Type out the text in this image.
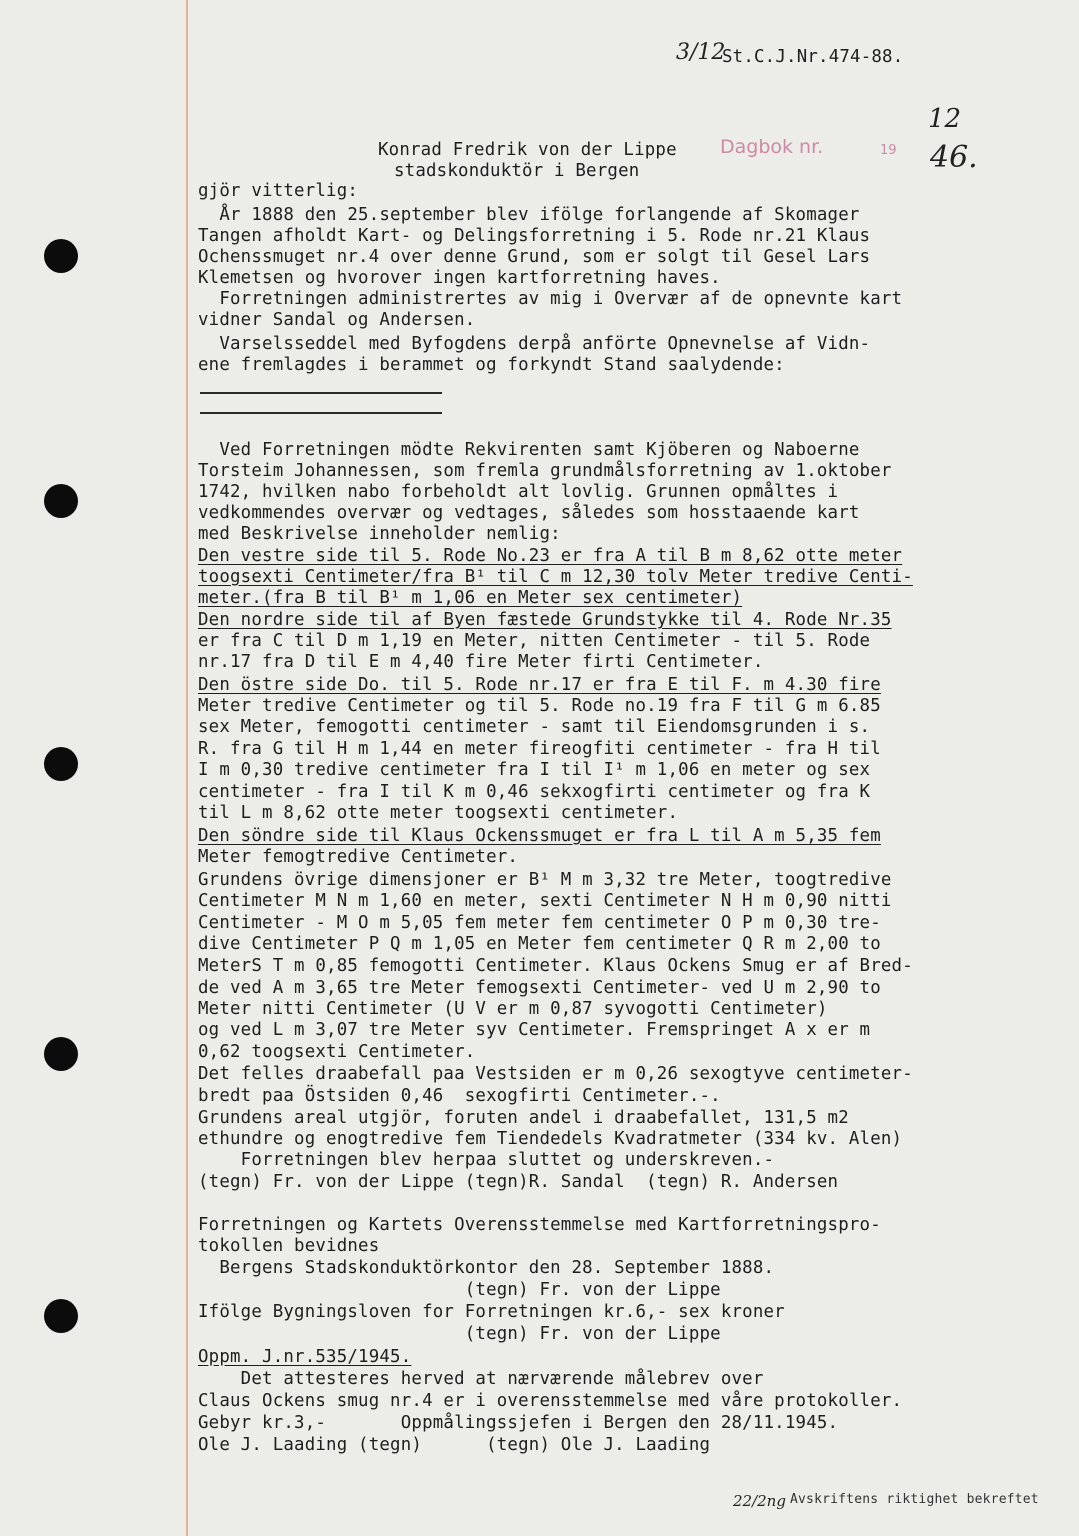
3/12
St.C.J.Nr.474-88.
12
Dagbok nr.	19 46.
Konrad Fredrik von der Lippe
stadskonduktör i Bergen
gjör vitterlig:
År 1888 den 25.september blev ifölge forlangende af Skomager
Tangen afholdt Kart- og Delingsforretning i 5. Rode nr.21 Klaus
Ochenssmuget nr.4 over denne Grund, som er solgt til Gesel Lars
Klemetsen og hvorover ingen kartforretning haves.
Forretningen administrertes av mig i Overvær af de opnevnte kart
vidner Sandal og Andersen.
Varselsseddel med Byfogdens derpå anförte Opnevnelse af Vidn-
ene fremlagdes i berammet og forkyndt Stand saalydende:
Ved Forretningen mödte Rekvirenten samt Kjöberen og Naboerne
Torsteim Johannessen, som fremla grundmålsforretning av 1.oktober
1742, hvilken nabo forbeholdt alt lovlig. Grunnen opmåltes i
vedkommendes overvær og vedtages, således som hosstaaende kart
med Beskrivelse inneholder nemlig:
Den vestre side til 5. Rode No.23 er fra A til B m 8,62 otte meter
toogsexti Centimeter/fra B¹ til C m 12,30 tolv Meter tredive Centi-
meter.(fra B til B¹ m 1,06 en Meter sex centimeter)
Den nordre side til af Byen fæstede Grundstykke til 4. Rode Nr.35
er fra C til D m 1,19 en Meter, nitten Centimeter - til 5. Rode
nr.17 fra D til E m 4,40 fire Meter firti Centimeter.
Den östre side Do. til 5. Rode nr.17 er fra E til F. m 4.30 fire
Meter tredive Centimeter og til 5. Rode no.19 fra F til G m 6.85
sex Meter, femogotti centimeter - samt til Eiendomsgrunden i s.
R. fra G til H m 1,44 en meter fireogfiti centimeter - fra H til
I m 0,30 tredive centimeter fra I til I¹ m 1,06 en meter og sex
centimeter - fra I til K m 0,46 sekxogfirti centimeter og fra K
til L m 8,62 otte meter toogsexti centimeter.
Den söndre side til Klaus Ockenssmuget er fra L til A m 5,35 fem
Meter femogtredive Centimeter.
Grundens övrige dimensjoner er B¹ M m 3,32 tre Meter, toogtredive
Centimeter M N m 1,60 en meter, sexti Centimeter N H m 0,90 nitti
Centimeter - M O m 5,05 fem meter fem centimeter O P m 0,30 tre-
dive Centimeter P Q m 1,05 en Meter fem centimeter Q R m 2,00 to
MeterS T m 0,85 femogotti Centimeter. Klaus Ockens Smug er af Bred-
de ved A m 3,65 tre Meter femogsexti Centimeter- ved U m 2,90 to
Meter nitti Centimeter (U V er m 0,87 syvogotti Centimeter)
og ved L m 3,07 tre Meter syv Centimeter. Fremspringet A x er m
0,62 toogsexti Centimeter.
Det felles draabefall paa Vestsiden er m 0,26 sexogtyve centimeter-
bredt paa Östsiden 0,46  sexogfirti Centimeter.-.
Grundens areal utgjör, foruten andel i draabefallet, 131,5 m2
ethundre og enogtredive fem Tiendedels Kvadratmeter (334 kv. Alen)
Forretningen blev herpaa sluttet og underskreven.-
(tegn) Fr. von der Lippe (tegn)R. Sandal  (tegn) R. Andersen
Forretningen og Kartets Overensstemmelse med Kartforretningspro-
tokollen bevidnes
Bergens Stadskonduktörkontor den 28. September 1888.
(tegn) Fr. von der Lippe
Ifölge Bygningsloven for Forretningen kr.6,- sex kroner
(tegn) Fr. von der Lippe
Oppm. J.nr.535/1945.
Det attesteres herved at nærværende målebrev over
Claus Ockens smug nr.4 er i overensstemmelse med våre protokoller.
Gebyr kr.3,-       Oppmålingssjefen i Bergen den 28/11.1945.
Ole J. Laading (tegn)      (tegn) Ole J. Laading
22/2ng Avskriftens riktighet bekreftet
